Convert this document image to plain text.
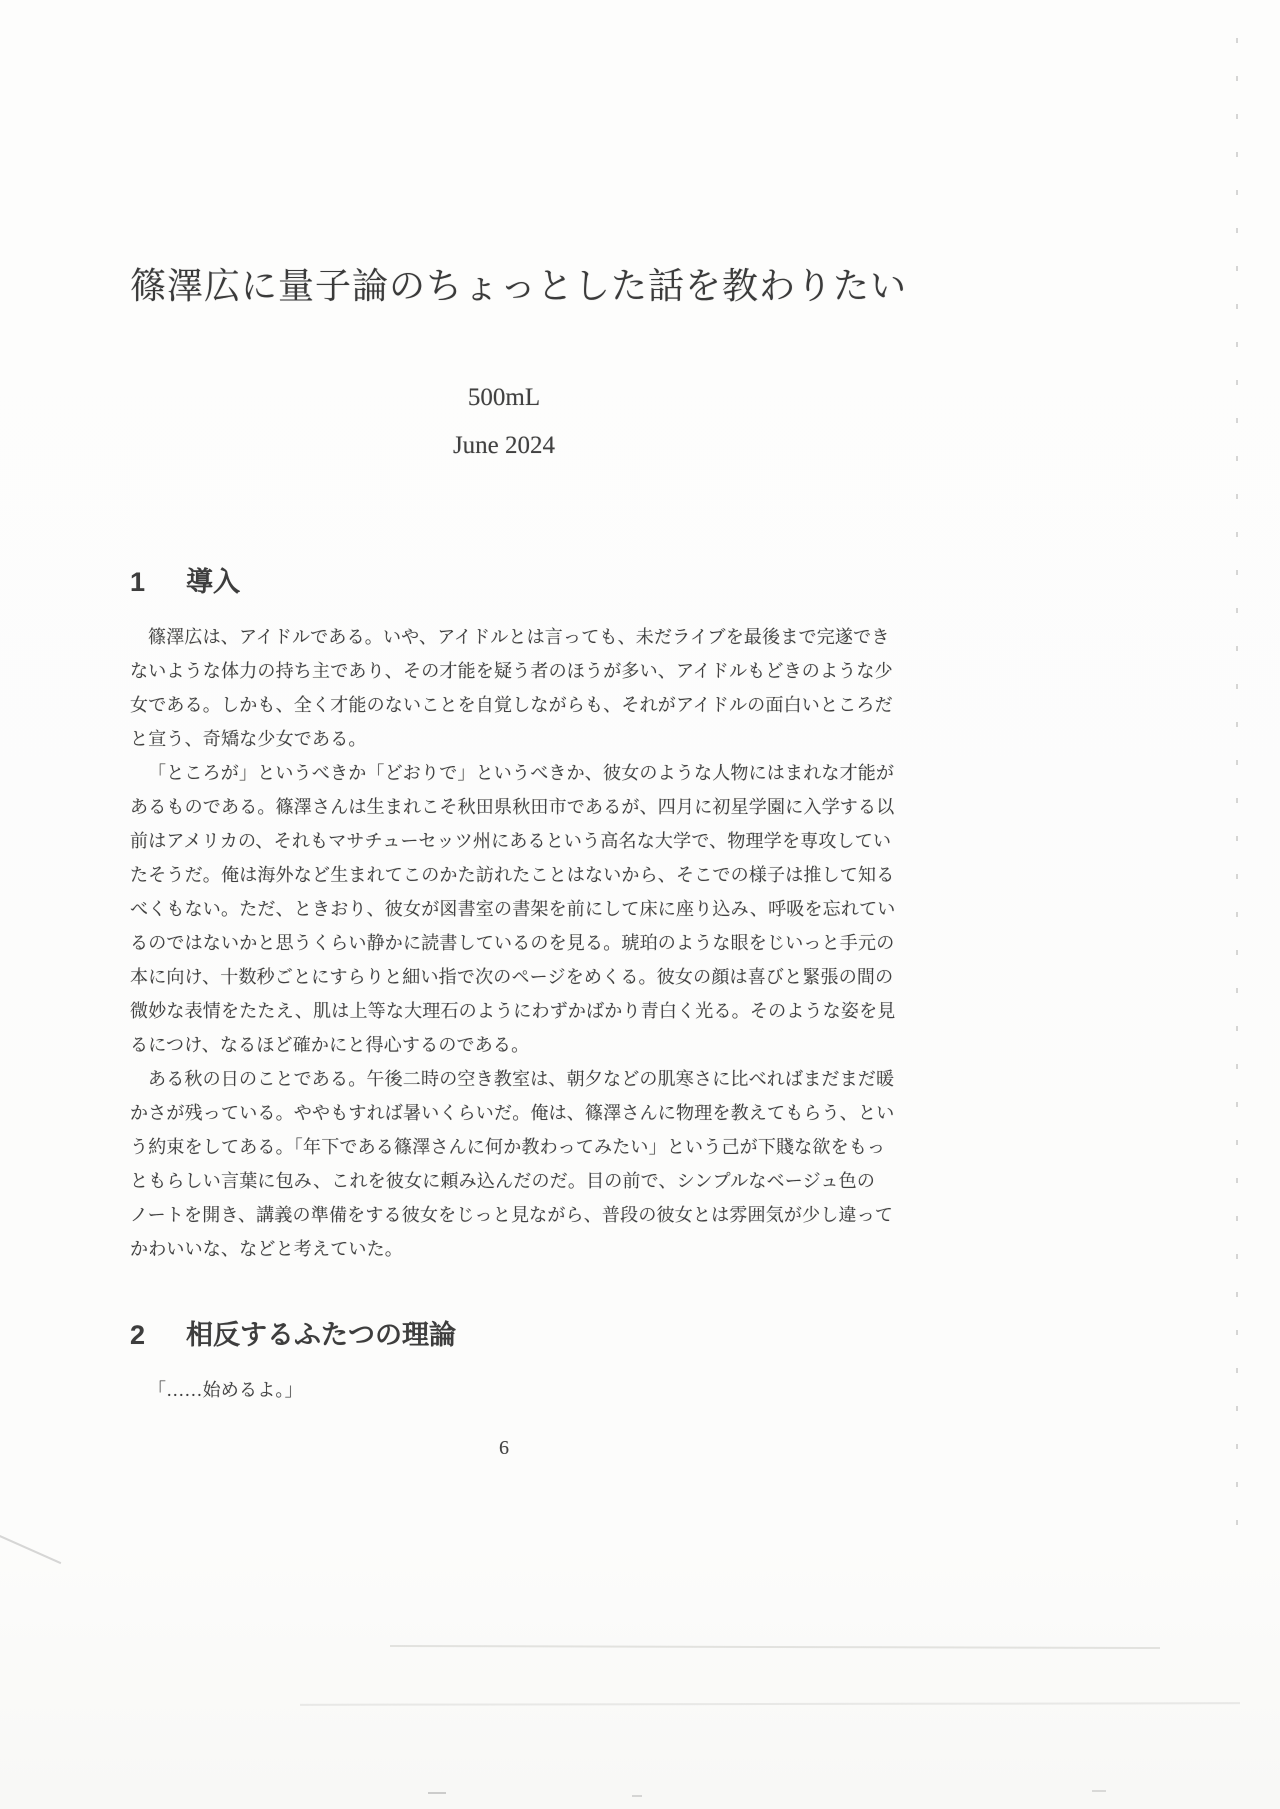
篠澤広に量子論のちょっとした話を教わりたい
500mL
June 2024
1	導入
篠澤広は、アイドルである。いや、アイドルとは言っても、未だライブを最後まで完遂でき
ないような体力の持ち主であり、その才能を疑う者のほうが多い、アイドルもどきのような少
女である。しかも、全く才能のないことを自覚しながらも、それがアイドルの面白いところだ
と宣う、奇矯な少女である。
「ところが」というべきか「どおりで」というべきか、彼女のような人物にはまれな才能が
あるものである。篠澤さんは生まれこそ秋田県秋田市であるが、四月に初星学園に入学する以
前はアメリカの、それもマサチューセッツ州にあるという高名な大学で、物理学を専攻してい
たそうだ。俺は海外など生まれてこのかた訪れたことはないから、そこでの様子は推して知る
べくもない。ただ、ときおり、彼女が図書室の書架を前にして床に座り込み、呼吸を忘れてい
るのではないかと思うくらい静かに読書しているのを見る。琥珀のような眼をじいっと手元の
本に向け、十数秒ごとにすらりと細い指で次のページをめくる。彼女の顔は喜びと緊張の間の
微妙な表情をたたえ、肌は上等な大理石のようにわずかばかり青白く光る。そのような姿を見
るにつけ、なるほど確かにと得心するのである。
ある秋の日のことである。午後二時の空き教室は、朝夕などの肌寒さに比べればまだまだ暖
かさが残っている。ややもすれば暑いくらいだ。俺は、篠澤さんに物理を教えてもらう、とい
う約束をしてある。「年下である篠澤さんに何か教わってみたい」という己が下賤な欲をもっ
ともらしい言葉に包み、これを彼女に頼み込んだのだ。目の前で、シンプルなベージュ色の
ノートを開き、講義の準備をする彼女をじっと見ながら、普段の彼女とは雰囲気が少し違って
かわいいな、などと考えていた。
2	相反するふたつの理論
「……始めるよ。」
6
